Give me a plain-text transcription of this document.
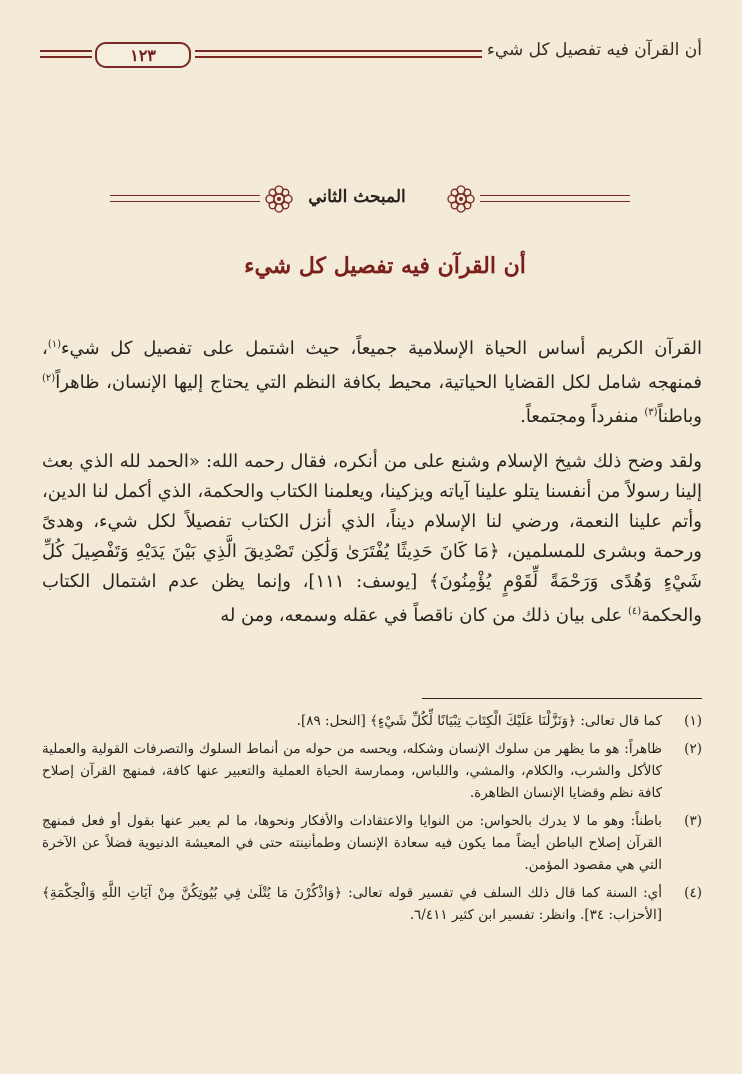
أن القرآن فيه تفصيل كل شيء
١٢٣
المبحث الثاني
أن القرآن فيه تفصيل كل شيء

القرآن الكريم أساس الحياة الإسلامية جميعاً، حيث اشتمل على تفصيل كل شيء$^{(١)}$، فمنهجه شامل لكل القضايا الحياتية، محيط بكافة النظم التي يحتاج إليها الإنسان، ظاهراً$^{(٢)}$ وباطناً$^{(٣)}$ منفرداً ومجتمعاً.

ولقد وضح ذلك شيخ الإسلام وشنع على من أنكره، فقال رحمه الله: «الحمد لله الذي بعث إلينا رسولاً من أنفسنا يتلو علينا آياته ويزكينا، ويعلمنا الكتاب والحكمة، الذي أكمل لنا الدين، وأتم علينا النعمة، ورضي لنا الإسلام ديناً، الذي أنزل الكتاب تفصيلاً لكل شيء، وهدىً ورحمة وبشرى للمسلمين، ﴿مَا كَانَ حَدِيثًا يُفْتَرَىٰ وَلَٰكِن تَصْدِيقَ الَّذِي بَيْنَ يَدَيْهِ وَتَفْصِيلَ كُلِّ شَيْءٍ وَهُدًى وَرَحْمَةً لِّقَوْمٍ يُؤْمِنُونَ﴾ [يوسف: ١١١]، وإنما يظن عدم اشتمال الكتاب والحكمة$^{(٤)}$ على بيان ذلك من كان ناقصاً في عقله وسمعه، ومن له

(١)
كما قال تعالى: ﴿وَنَزَّلْنَا عَلَيْكَ الْكِتَابَ تِبْيَانًا لِّكُلِّ شَيْءٍ﴾ [النحل: ٨٩].
(٢)
ظاهراً: هو ما يظهر من سلوك الإنسان وشكله، ويحسه من حوله من أنماط السلوك والتصرفات القولية والعملية كالأكل والشرب، والكلام، والمشي، واللباس، وممارسة الحياة العملية والتعبير عنها كافة، فمنهج القرآن إصلاح كافة نظم وقضايا الإنسان الظاهرة.
(٣)
باطناً: وهو ما لا يدرك بالحواس: من النوايا والاعتقادات والأفكار ونحوها، ما لم يعبر عنها بقول أو فعل فمنهج القرآن إصلاح الباطن أيضاً مما يكون فيه سعادة الإنسان وطمأنينته حتى في المعيشة الدنيوية فضلاً عن الآخرة التي هي مقصود المؤمن.
(٤)
أي: السنة كما قال ذلك السلف في تفسير قوله تعالى: ﴿وَاذْكُرْنَ مَا يُتْلَىٰ فِي بُيُوتِكُنَّ مِنْ آيَاتِ اللَّهِ وَالْحِكْمَةِ﴾ [الأحزاب: ٣٤]. وانظر: تفسير ابن كثير ٦/٤١١.
